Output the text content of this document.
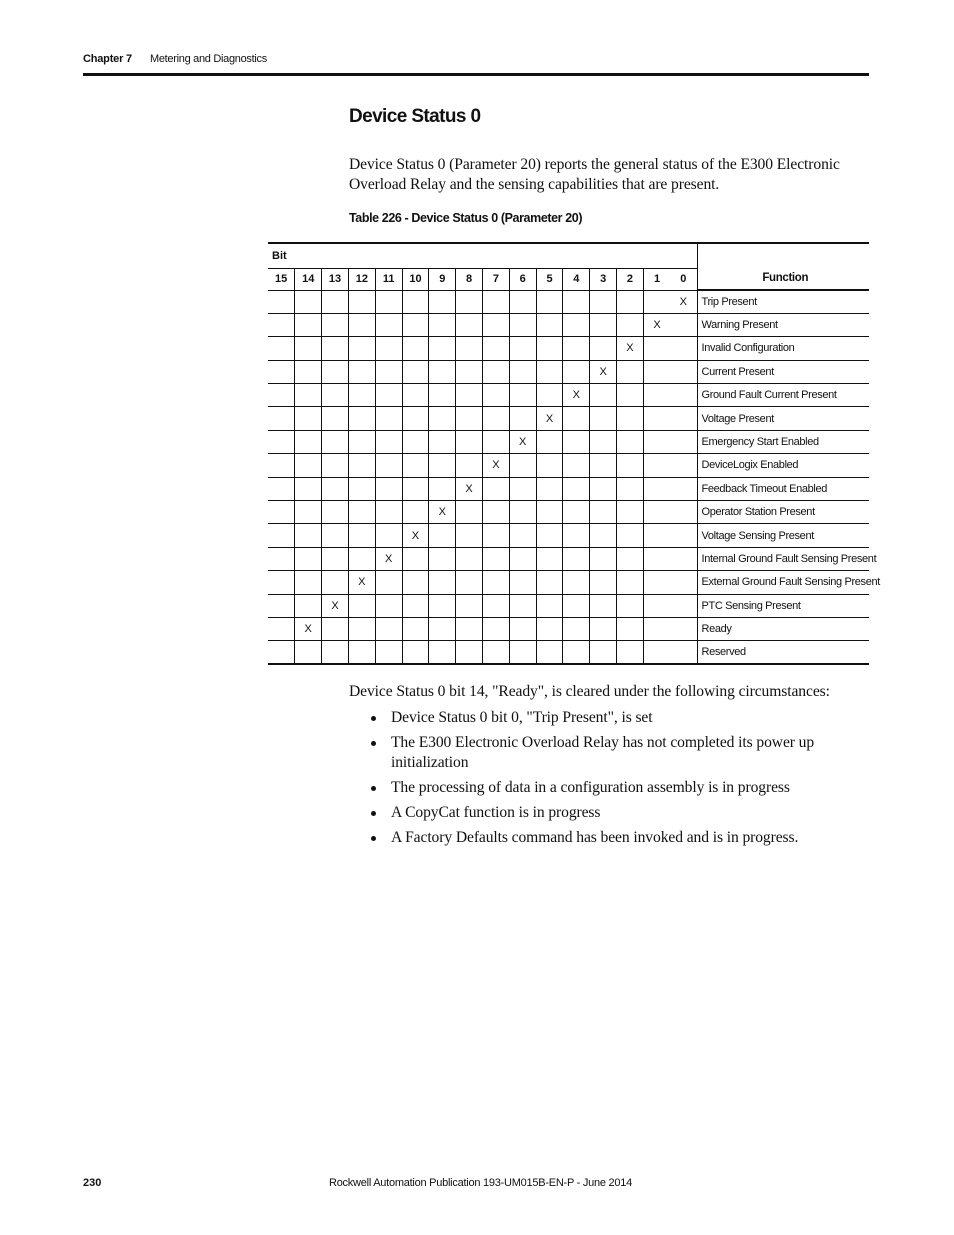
Chapter 7 Metering and Diagnostics
Device Status 0
Device Status 0 (Parameter 20) reports the general status of the E300 Electronic Overload Relay and the sensing capabilities that are present.
Table 226 - Device Status 0 (Parameter 20)
Bit																Function
15	14	13	12	11	10	9	8	7	6	5	4	3	2	1	0	
															X	Trip Present
														X		Warning Present
													X			Invalid Configuration
												X				Current Present
											X					Ground Fault Current Present
										X						Voltage Present
									X							Emergency Start Enabled
								X								DeviceLogix Enabled
							X									Feedback Timeout Enabled
						X										Operator Station Present
					X											Voltage Sensing Present
				X												Internal Ground Fault Sensing Present
			X													External Ground Fault Sensing Present
		X														PTC Sensing Present
	X															Ready
																Reserved
Device Status 0 bit 14, "Ready", is cleared under the following circumstances:
Device Status 0 bit 0, "Trip Present", is set
The E300 Electronic Overload Relay has not completed its power up initialization
The processing of data in a configuration assembly is in progress
A CopyCat function is in progress
A Factory Defaults command has been invoked and is in progress.
230	Rockwell Automation Publication 193-UM015B-EN-P - June 2014
